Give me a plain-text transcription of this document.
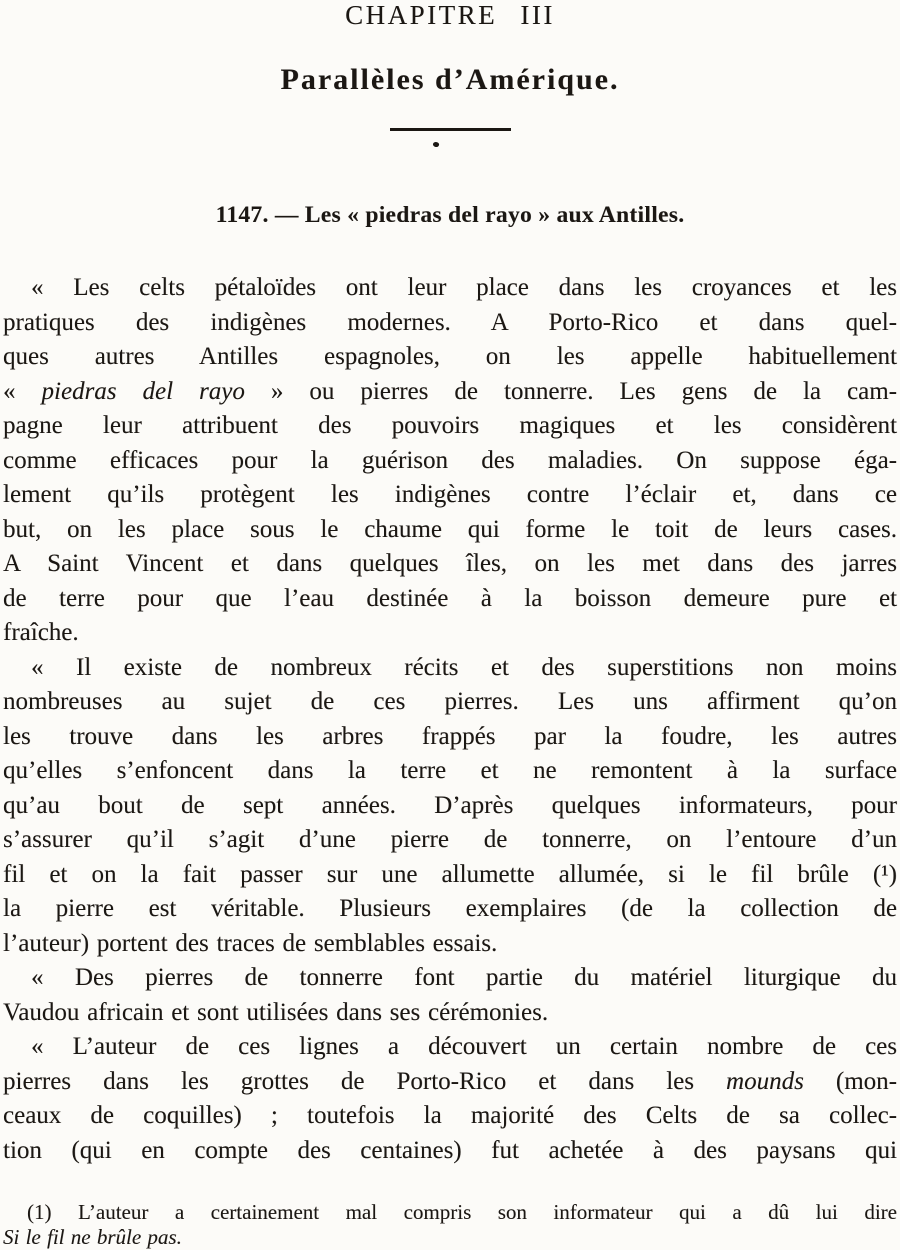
CHAPITRE III
Parallèles d’Amérique.
1147. — Les « piedras del rayo » aux Antilles.

« Les celts pétaloïdes ont leur place dans les croyances et les
pratiques des indigènes modernes. A Porto-Rico et dans quel-
ques autres Antilles espagnoles, on les appelle habituellement
« piedras del rayo » ou pierres de tonnerre. Les gens de la cam-
pagne leur attribuent des pouvoirs magiques et les considèrent
comme efficaces pour la guérison des maladies. On suppose éga-
lement qu’ils protègent les indigènes contre l’éclair et, dans ce
but, on les place sous le chaume qui forme le toit de leurs cases.
A Saint Vincent et dans quelques îles, on les met dans des jarres
de terre pour que l’eau destinée à la boisson demeure pure et
fraîche.

« Il existe de nombreux récits et des superstitions non moins
nombreuses au sujet de ces pierres. Les uns affirment qu’on
les trouve dans les arbres frappés par la foudre, les autres
qu’elles s’enfoncent dans la terre et ne remontent à la surface
qu’au bout de sept années. D’après quelques informateurs, pour
s’assurer qu’il s’agit d’une pierre de tonnerre, on l’entoure d’un
fil et on la fait passer sur une allumette allumée, si le fil brûle (¹)
la pierre est véritable. Plusieurs exemplaires (de la collection de
l’auteur) portent des traces de semblables essais.

« Des pierres de tonnerre font partie du matériel liturgique du
Vaudou africain et sont utilisées dans ses cérémonies.

« L’auteur de ces lignes a découvert un certain nombre de ces
pierres dans les grottes de Porto-Rico et dans les mounds (mon-
ceaux de coquilles) ; toutefois la majorité des Celts de sa collec-
tion (qui en compte des centaines) fut achetée à des paysans qui

(1) L’auteur a certainement mal compris son informateur qui a dû lui dire
Si le fil ne brûle pas.
